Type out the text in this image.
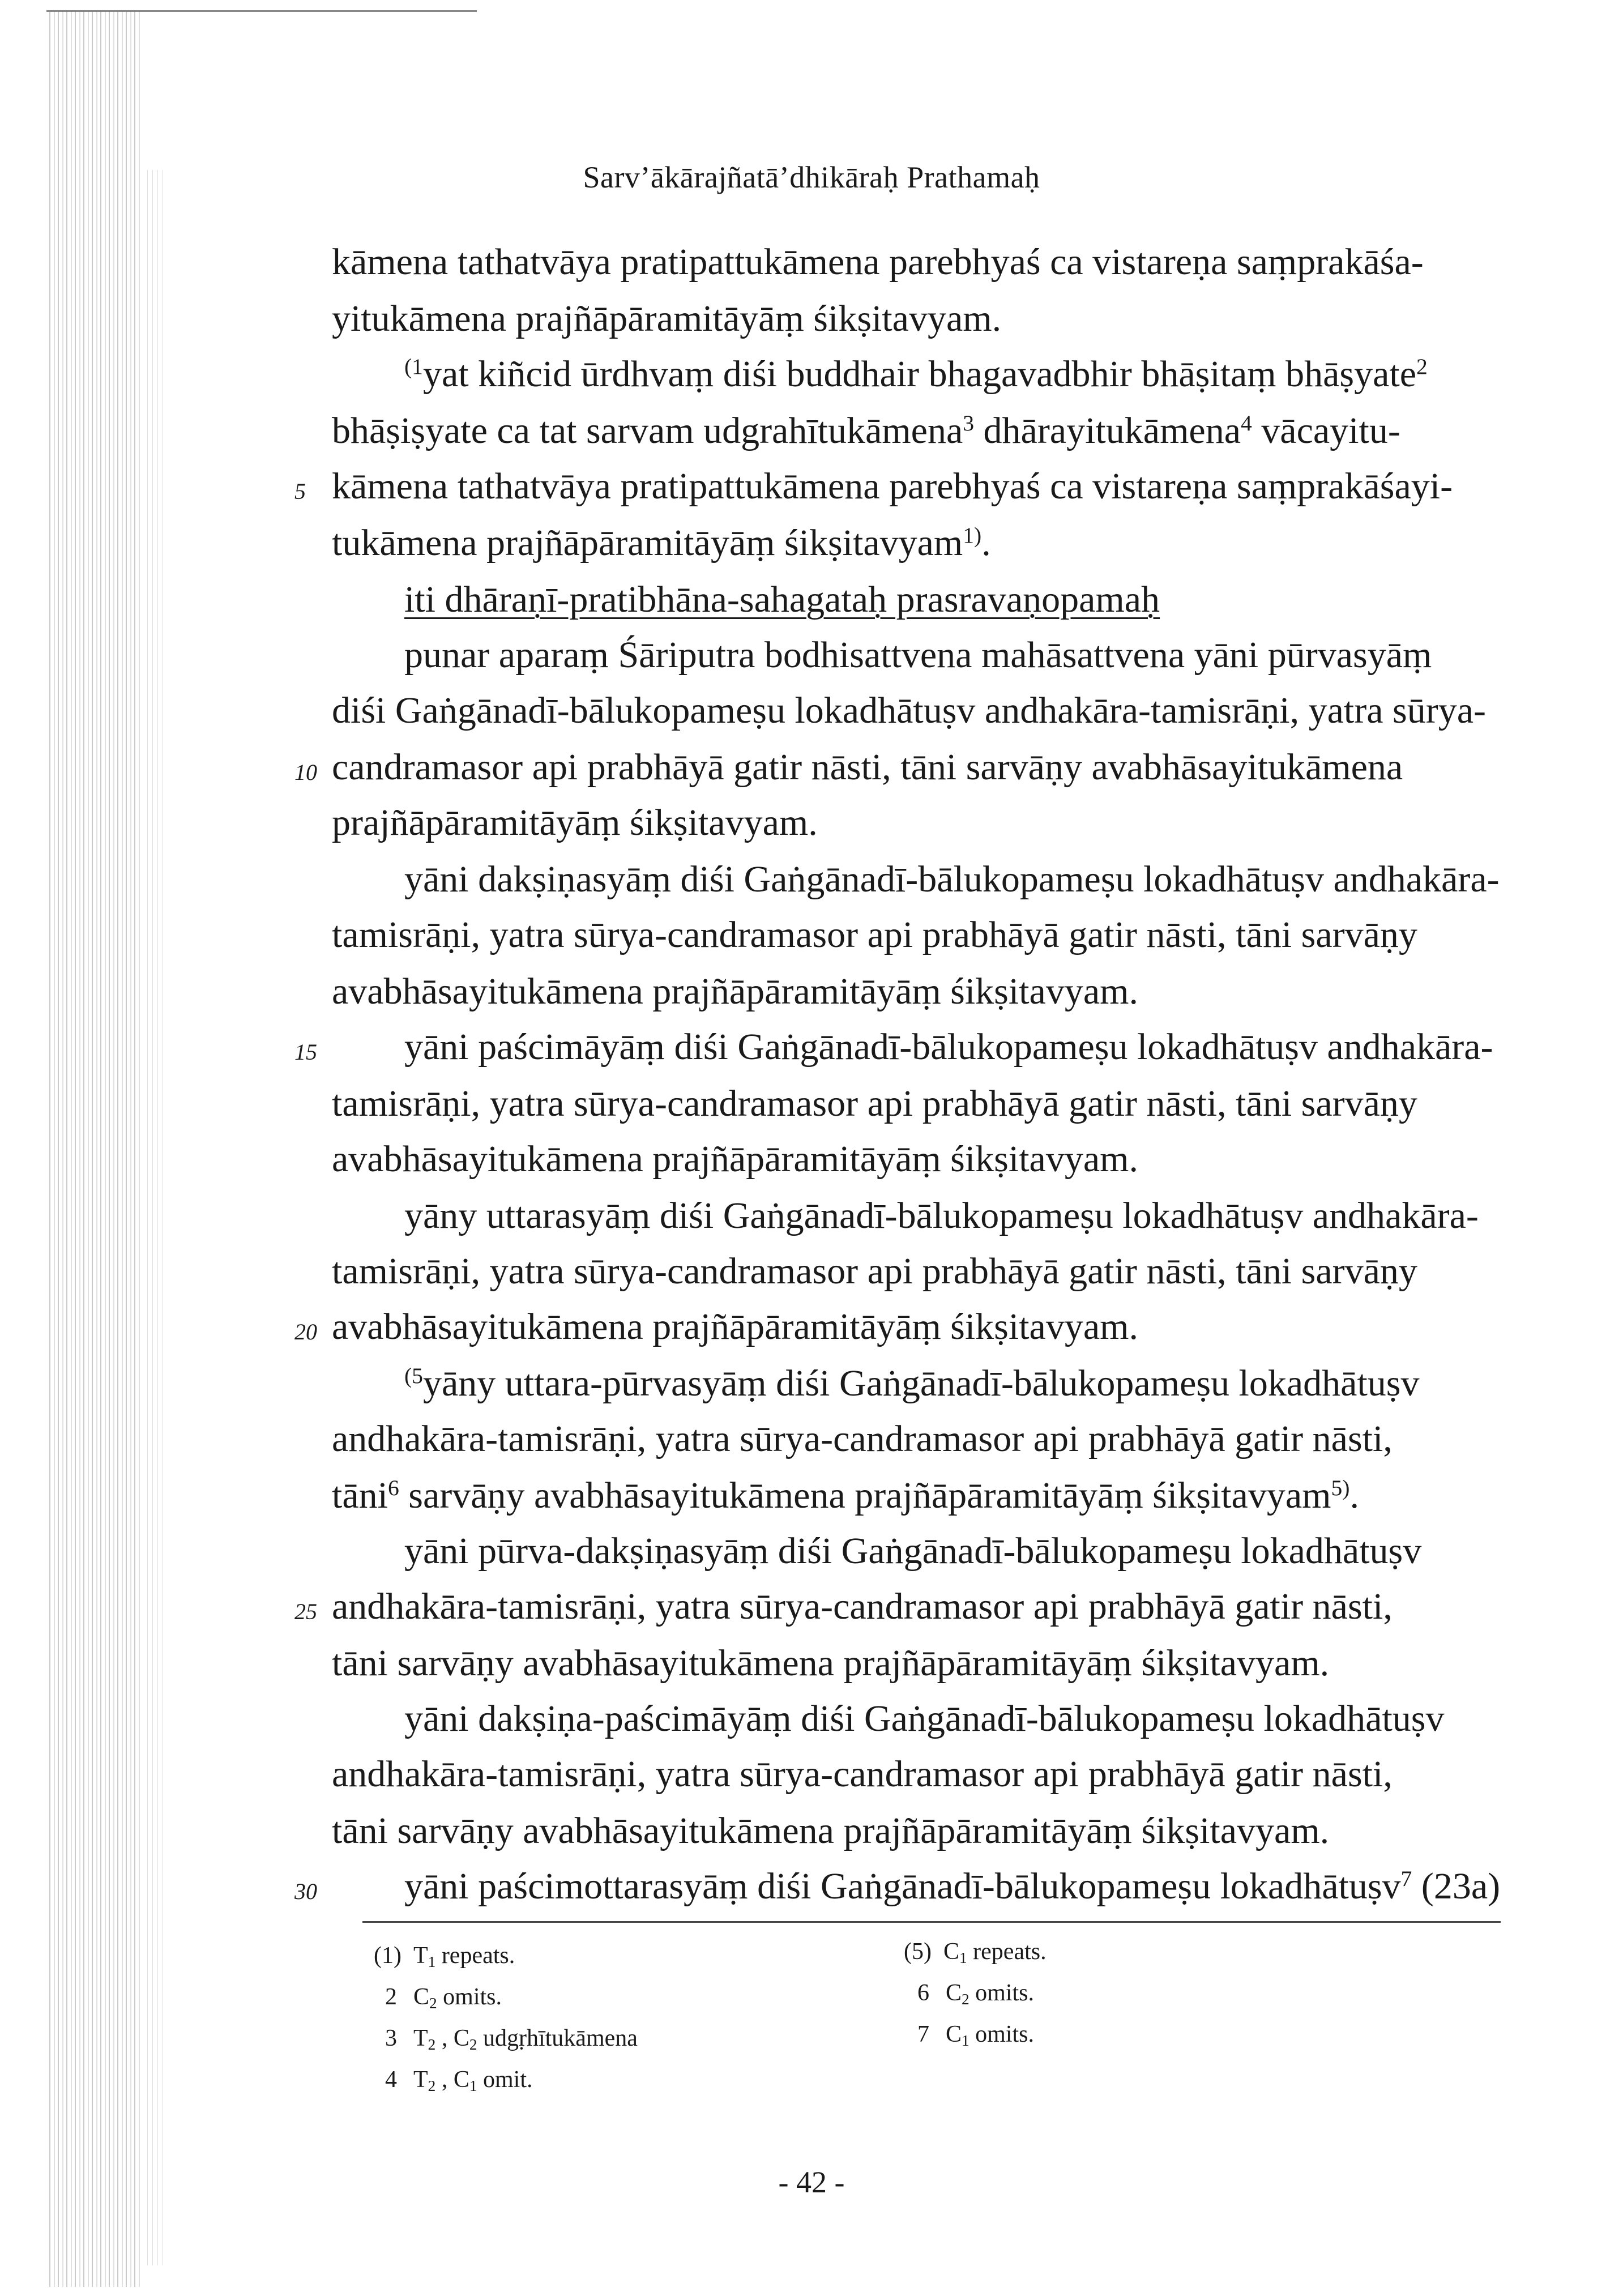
Sarv’ākārajñatā’dhikāraḥ Prathamaḥ
kāmena tathatvāya pratipattukāmena parebhyaś ca vistareṇa saṃprakāśa-
yitukāmena prajñāpāramitāyāṃ śikṣitavyam.
$^{(1}$yat kiñcid ūrdhvaṃ diśi buddhair bhagavadbhir bhāṣitaṃ bhāṣyate$^2$
bhāṣiṣyate ca tat sarvam udgrahītukāmena$^3$ dhārayitukāmena$^4$ vācayitu-
5 kāmena tathatvāya pratipattukāmena parebhyaś ca vistareṇa saṃprakāśayi-
tukāmena prajñāpāramitāyāṃ śikṣitavyam$^{1)}$.
iti dhāraṇī-pratibhāna-sahagataḥ prasravaṇopamaḥ
punar aparaṃ Śāriputra bodhisattvena mahāsattvena yāni pūrvasyāṃ
diśi Gaṅgānadī-bālukopameṣu lokadhātuṣv andhakāra-tamisrāṇi, yatra sūrya-
10 candramasor api prabhāyā gatir nāsti, tāni sarvāṇy avabhāsayitukāmena
prajñāpāramitāyāṃ śikṣitavyam.
yāni dakṣiṇasyāṃ diśi Gaṅgānadī-bālukopameṣu lokadhātuṣv andhakāra-
tamisrāṇi, yatra sūrya-candramasor api prabhāyā gatir nāsti, tāni sarvāṇy
avabhāsayitukāmena prajñāpāramitāyāṃ śikṣitavyam.
15	yāni paścimāyāṃ diśi Gaṅgānadī-bālukopameṣu lokadhātuṣv andhakāra-
tamisrāṇi, yatra sūrya-candramasor api prabhāyā gatir nāsti, tāni sarvāṇy
avabhāsayitukāmena prajñāpāramitāyāṃ śikṣitavyam.
yāny uttarasyāṃ diśi Gaṅgānadī-bālukopameṣu lokadhātuṣv andhakāra-
tamisrāṇi, yatra sūrya-candramasor api prabhāyā gatir nāsti, tāni sarvāṇy
20 avabhāsayitukāmena prajñāpāramitāyāṃ śikṣitavyam.
$^{(5}$yāny uttara-pūrvasyāṃ diśi Gaṅgānadī-bālukopameṣu lokadhātuṣv
andhakāra-tamisrāṇi, yatra sūrya-candramasor api prabhāyā gatir nāsti,
tāni$^6$ sarvāṇy avabhāsayitukāmena prajñāpāramitāyāṃ śikṣitavyam$^{5)}$.
yāni pūrva-dakṣiṇasyāṃ diśi Gaṅgānadī-bālukopameṣu lokadhātuṣv
25 andhakāra-tamisrāṇi, yatra sūrya-candramasor api prabhāyā gatir nāsti,
tāni sarvāṇy avabhāsayitukāmena prajñāpāramitāyāṃ śikṣitavyam.
yāni dakṣiṇa-paścimāyāṃ diśi Gaṅgānadī-bālukopameṣu lokadhātuṣv
andhakāra-tamisrāṇi, yatra sūrya-candramasor api prabhāyā gatir nāsti,
tāni sarvāṇy avabhāsayitukāmena prajñāpāramitāyāṃ śikṣitavyam.
30	yāni paścimottarasyāṃ diśi Gaṅgānadī-bālukopameṣu lokadhātuṣv$^7$ (23a)
(1) $T_1$ repeats.
2 $C_2$ omits.
3 $T_2$ , $C_2$ udgṛhītukāmena
4 $T_2$ , $C_1$ omit.
(5) $C_1$ repeats.
6 $C_2$ omits.
7 $C_1$ omits.
- 42 -
